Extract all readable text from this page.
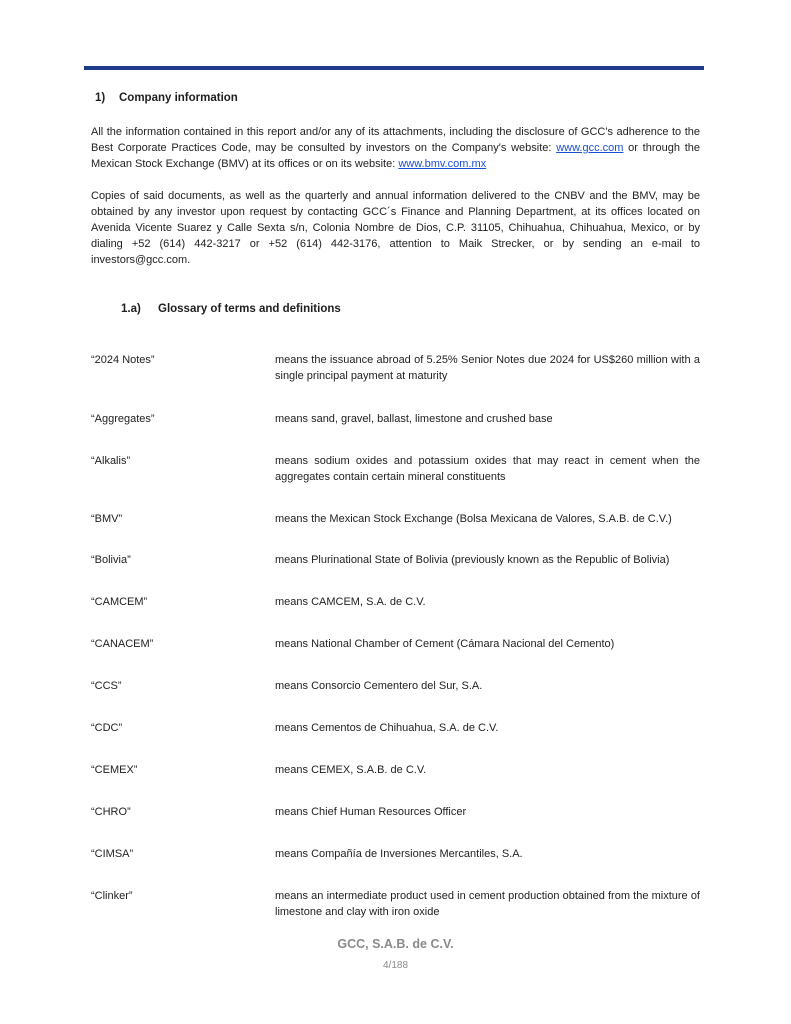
1) Company information
All the information contained in this report and/or any of its attachments, including the disclosure of GCC's adherence to the Best Corporate Practices Code, may be consulted by investors on the Company's website: www.gcc.com or through the Mexican Stock Exchange (BMV) at its offices or on its website: www.bmv.com.mx
Copies of said documents, as well as the quarterly and annual information delivered to the CNBV and the BMV, may be obtained by any investor upon request by contacting GCC´s Finance and Planning Department, at its offices located on Avenida Vicente Suarez y Calle Sexta s/n, Colonia Nombre de Dios, C.P. 31105, Chihuahua, Chihuahua, Mexico, or by dialing +52 (614) 442-3217 or +52 (614) 442-3176, attention to Maik Strecker, or by sending an e-mail to investors@gcc.com.
1.a) Glossary of terms and definitions
“2024 Notes”	means the issuance abroad of 5.25% Senior Notes due 2024 for US$260 million with a single principal payment at maturity
“Aggregates”	means sand, gravel, ballast, limestone and crushed base
“Alkalis”	means sodium oxides and potassium oxides that may react in cement when the aggregates contain certain mineral constituents
“BMV”	means the Mexican Stock Exchange (Bolsa Mexicana de Valores, S.A.B. de C.V.)
“Bolivia”	means Plurinational State of Bolivia (previously known as the Republic of Bolivia)
“CAMCEM”	means CAMCEM, S.A. de C.V.
“CANACEM”	means National Chamber of Cement (Cámara Nacional del Cemento)
“CCS”	means Consorcio Cementero del Sur, S.A.
“CDC”	means Cementos de Chihuahua, S.A. de C.V.
“CEMEX”	means CEMEX, S.A.B. de C.V.
“CHRO”	means Chief Human Resources Officer
“CIMSA”	means Compañía de Inversiones Mercantiles, S.A.
“Clinker”	means an intermediate product used in cement production obtained from the mixture of limestone and clay with iron oxide
GCC, S.A.B. de C.V.
4/188
